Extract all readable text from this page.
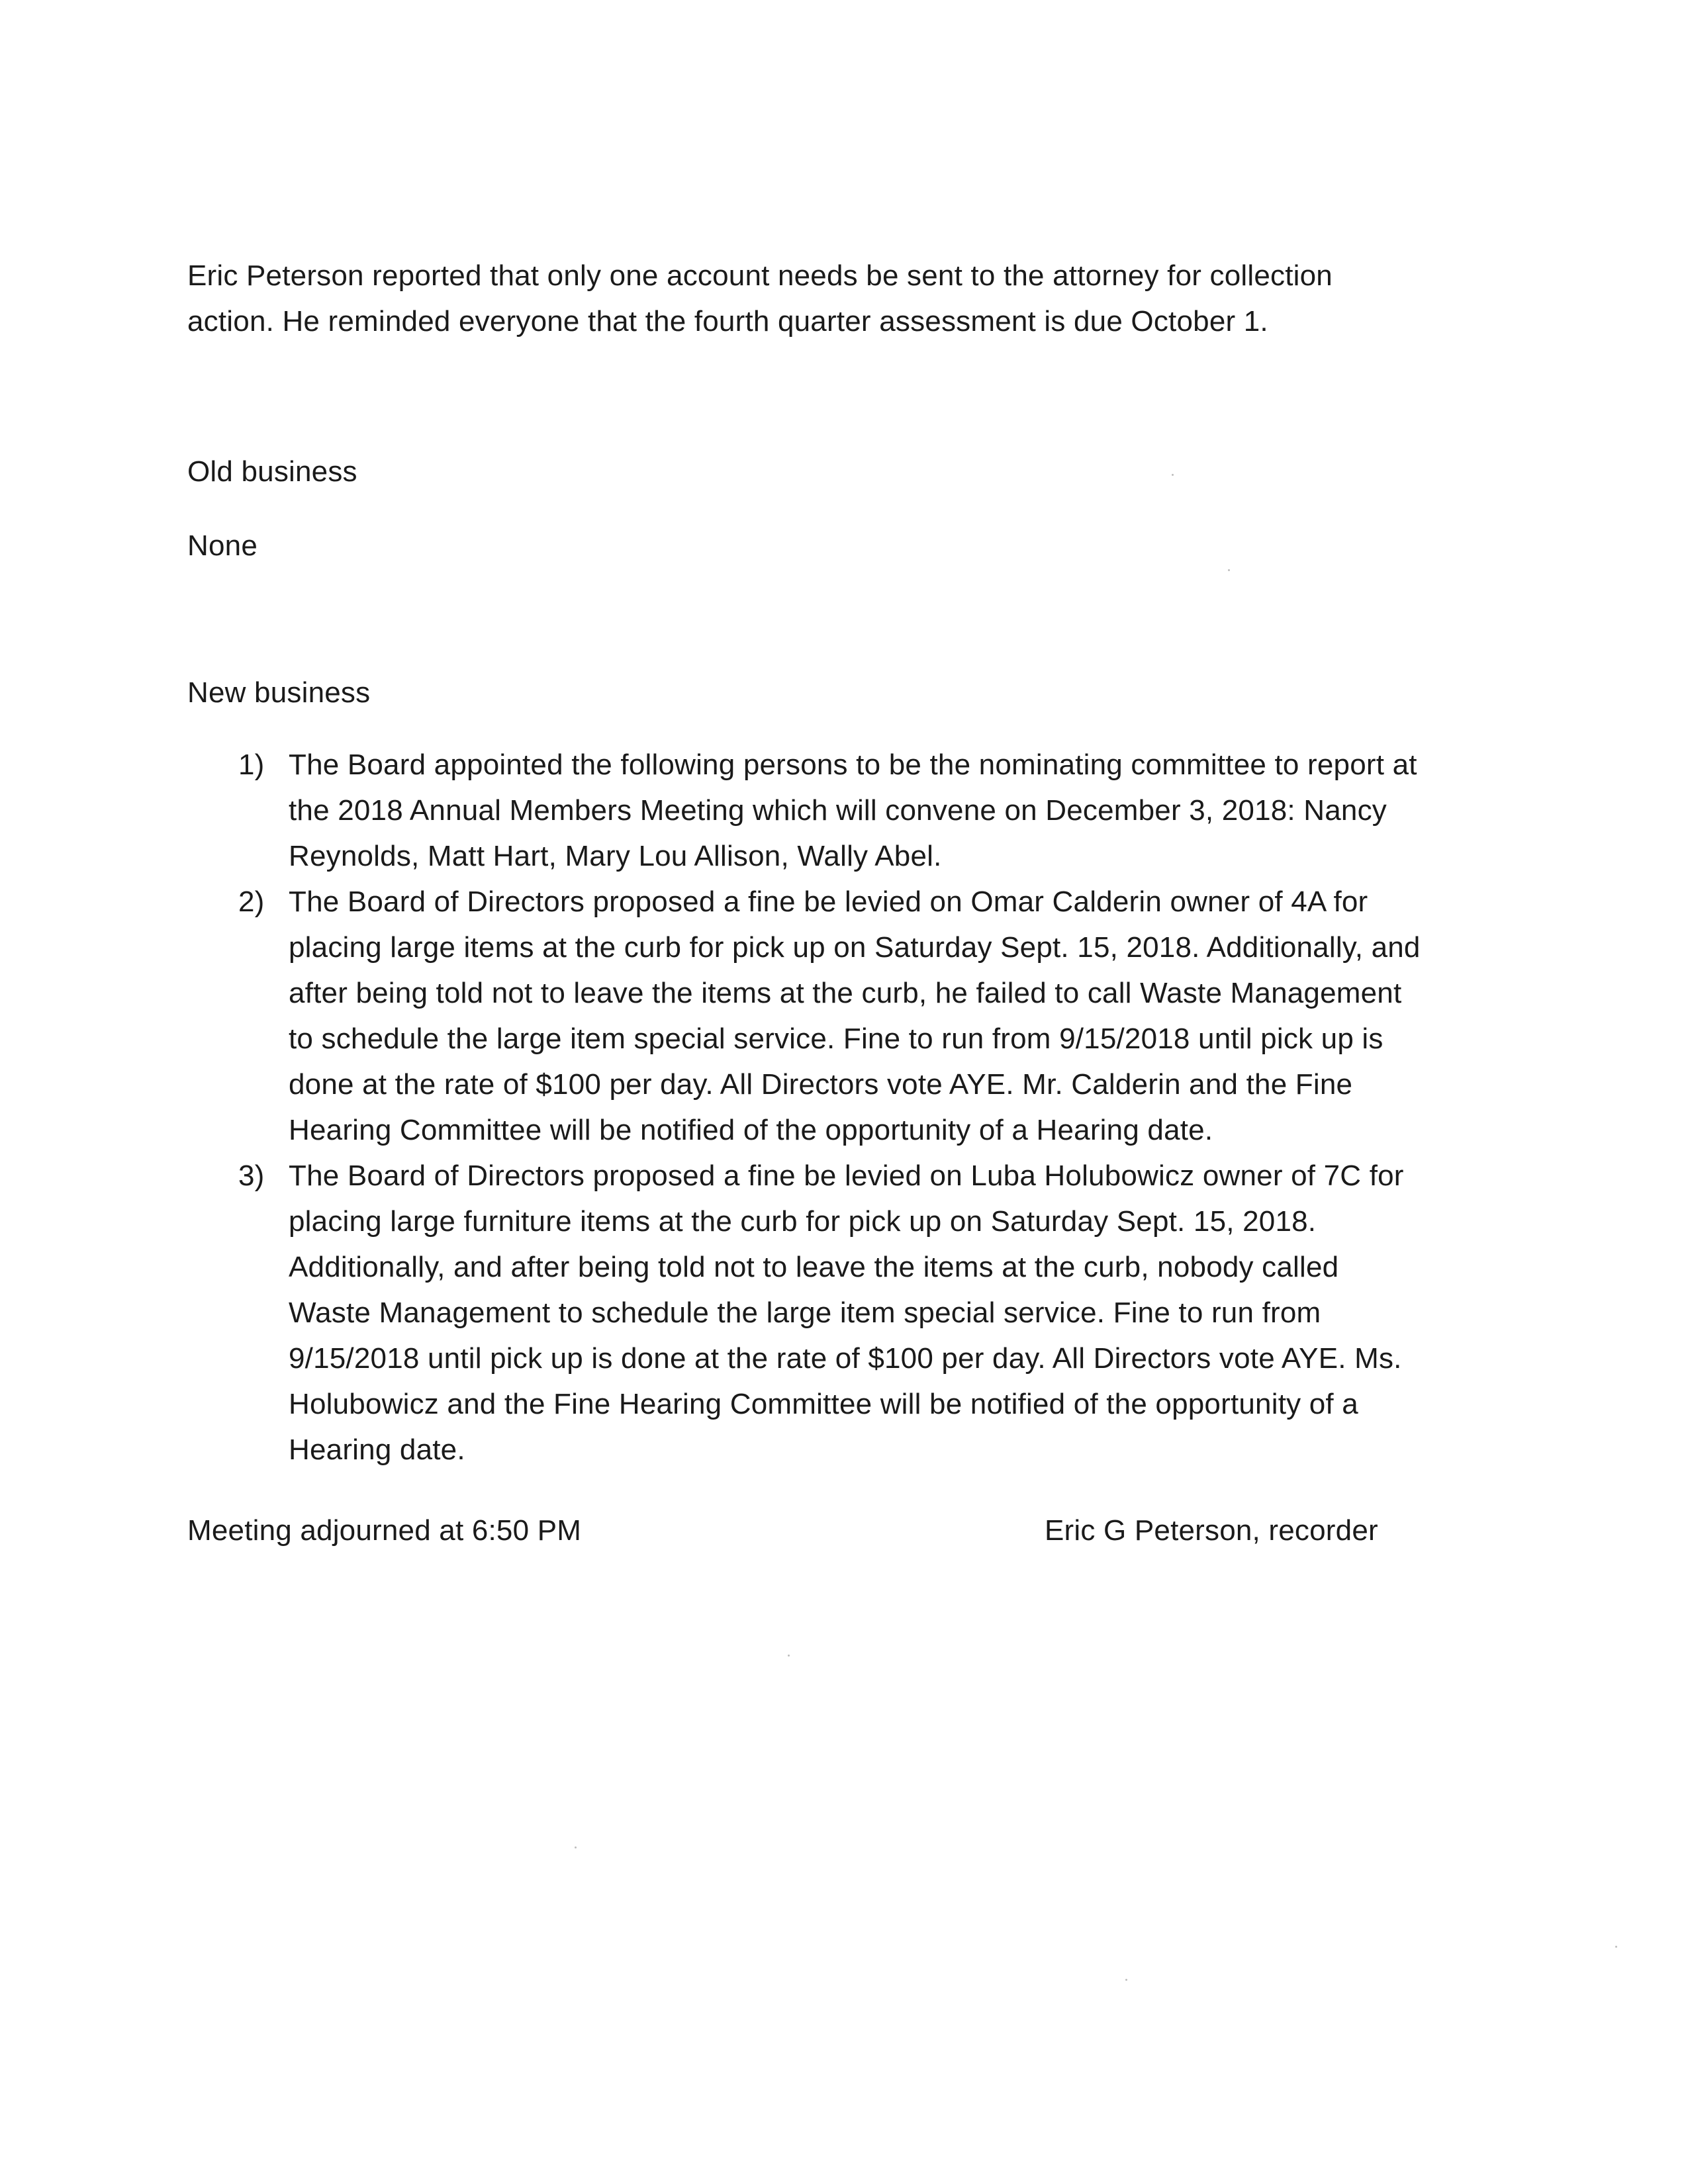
Eric Peterson reported that only one account needs be sent to the attorney for collection
action. He reminded everyone that the fourth quarter assessment is due October 1.

Old business

None

New business

1) The Board appointed the following persons to be the nominating committee to report at
the 2018 Annual Members Meeting which will convene on December 3, 2018: Nancy
Reynolds, Matt Hart, Mary Lou Allison, Wally Abel.
2) The Board of Directors proposed a fine be levied on Omar Calderin owner of 4A for
placing large items at the curb for pick up on Saturday Sept. 15, 2018. Additionally, and
after being told not to leave the items at the curb, he failed to call Waste Management
to schedule the large item special service. Fine to run from 9/15/2018 until pick up is
done at the rate of $100 per day. All Directors vote AYE. Mr. Calderin and the Fine
Hearing Committee will be notified of the opportunity of a Hearing date.
3) The Board of Directors proposed a fine be levied on Luba Holubowicz owner of 7C for
placing large furniture items at the curb for pick up on Saturday Sept. 15, 2018.
Additionally, and after being told not to leave the items at the curb, nobody called
Waste Management to schedule the large item special service. Fine to run from
9/15/2018 until pick up is done at the rate of $100 per day. All Directors vote AYE. Ms.
Holubowicz and the Fine Hearing Committee will be notified of the opportunity of a
Hearing date.

Meeting adjourned at 6:50 PM	Eric G Peterson, recorder
